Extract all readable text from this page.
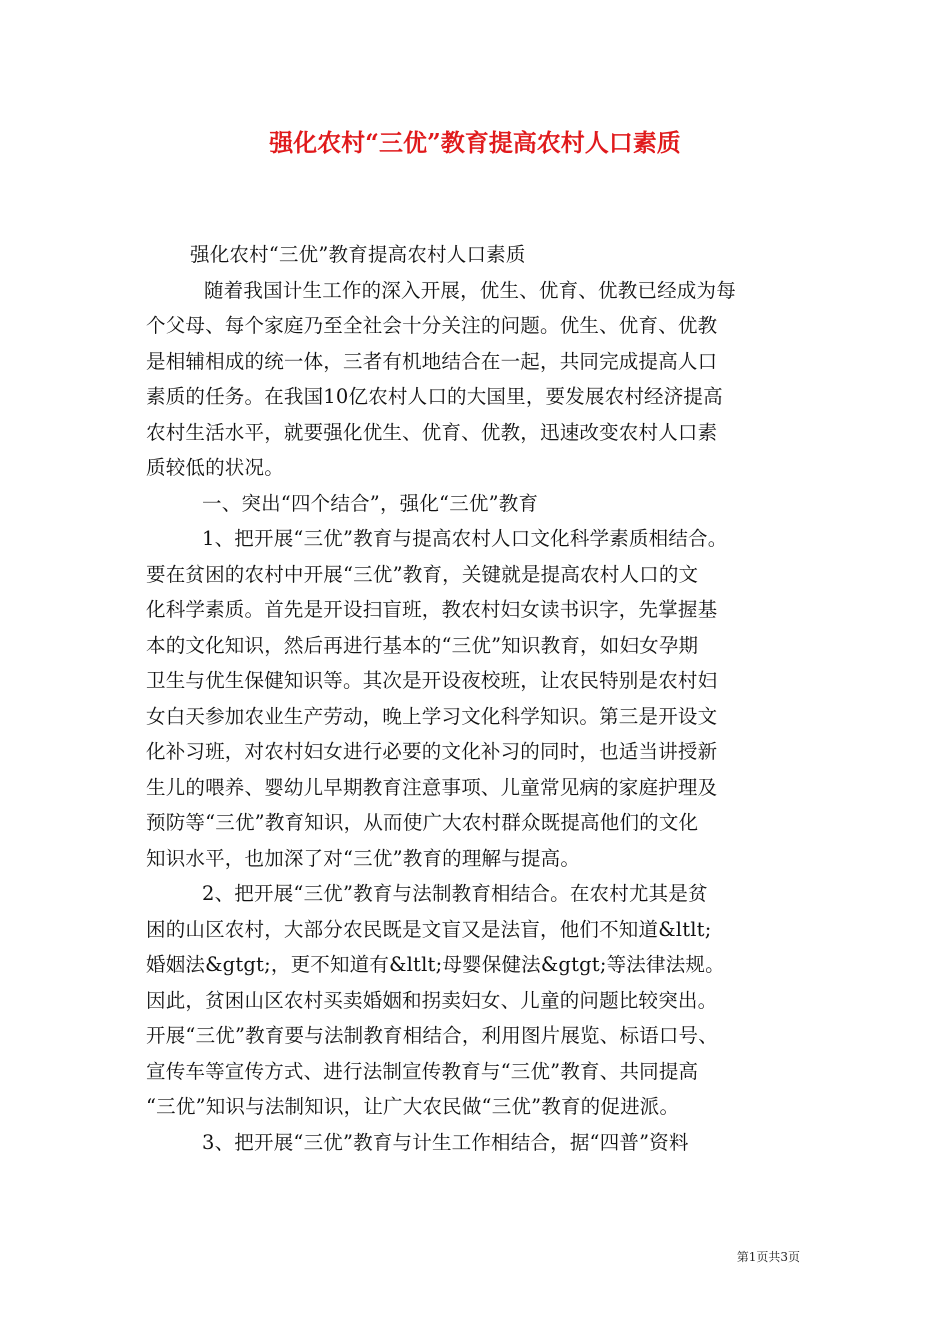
强化农村“三优”教育提高农村人口素质

强化农村“三优”教育提高农村人口素质

随着我国计生工作的深入开展，优生、优育、优教已经成为每

个父母、每个家庭乃至全社会十分关注的问题。优生、优育、优教

是相辅相成的统一体，三者有机地结合在一起，共同完成提高人口

素质的任务。在我国10亿农村人口的大国里，要发展农村经济提高

农村生活水平，就要强化优生、优育、优教，迅速改变农村人口素

质较低的状况。

一、突出“四个结合”，强化“三优”教育

1、把开展“三优”教育与提高农村人口文化科学素质相结合。

要在贫困的农村中开展“三优”教育，关键就是提高农村人口的文

化科学素质。首先是开设扫盲班，教农村妇女读书识字，先掌握基

本的文化知识，然后再进行基本的“三优”知识教育，如妇女孕期

卫生与优生保健知识等。其次是开设夜校班，让农民特别是农村妇

女白天参加农业生产劳动，晚上学习文化科学知识。第三是开设文

化补习班，对农村妇女进行必要的文化补习的同时，也适当讲授新

生儿的喂养、婴幼儿早期教育注意事项、儿童常见病的家庭护理及

预防等“三优”教育知识，从而使广大农村群众既提高他们的文化

知识水平，也加深了对“三优”教育的理解与提高。

2、把开展“三优”教育与法制教育相结合。在农村尤其是贫

困的山区农村，大部分农民既是文盲又是法盲，他们不知道&ltlt;

婚姻法&gtgt;，更不知道有&ltlt;母婴保健法&gtgt;等法律法规。

因此，贫困山区农村买卖婚姻和拐卖妇女、儿童的问题比较突出。

开展“三优”教育要与法制教育相结合，利用图片展览、标语口号、

宣传车等宣传方式、进行法制宣传教育与“三优”教育、共同提高

“三优”知识与法制知识，让广大农民做“三优”教育的促进派。

3、把开展“三优”教育与计生工作相结合，据“四普”资料

第1页共3页
